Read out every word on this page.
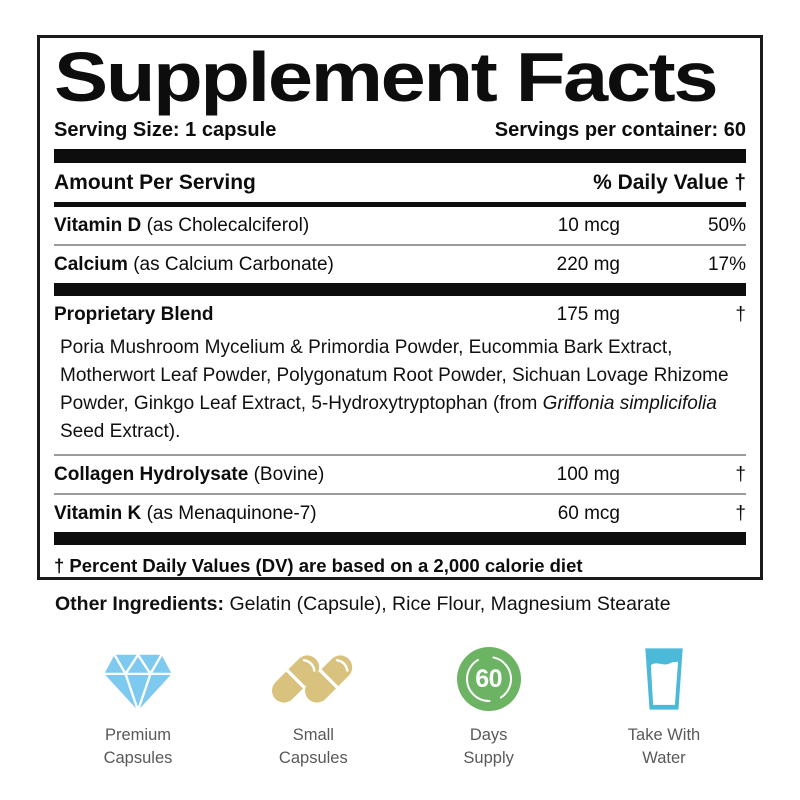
Supplement Facts
Serving Size: 1 capsule	Servings per container: 60
Amount Per Serving	% Daily Value †
Vitamin D (as Cholecalciferol)	10 mcg	50%
Calcium (as Calcium Carbonate)	220 mg	17%
Proprietary Blend	175 mg	†
Poria Mushroom Mycelium & Primordia Powder, Eucommia Bark Extract, Motherwort Leaf Powder, Polygonatum Root Powder, Sichuan Lovage Rhizome Powder, Ginkgo Leaf Extract, 5-Hydroxytryptophan (from Griffonia simplicifolia Seed Extract).
Collagen Hydrolysate (Bovine)	100 mg	†
Vitamin K (as Menaquinone-7)	60 mcg	†
† Percent Daily Values (DV) are based on a 2,000 calorie diet
Other Ingredients: Gelatin (Capsule), Rice Flour, Magnesium Stearate
Premium
Capsules
Small
Capsules
60
Days
Supply
Take With
Water
